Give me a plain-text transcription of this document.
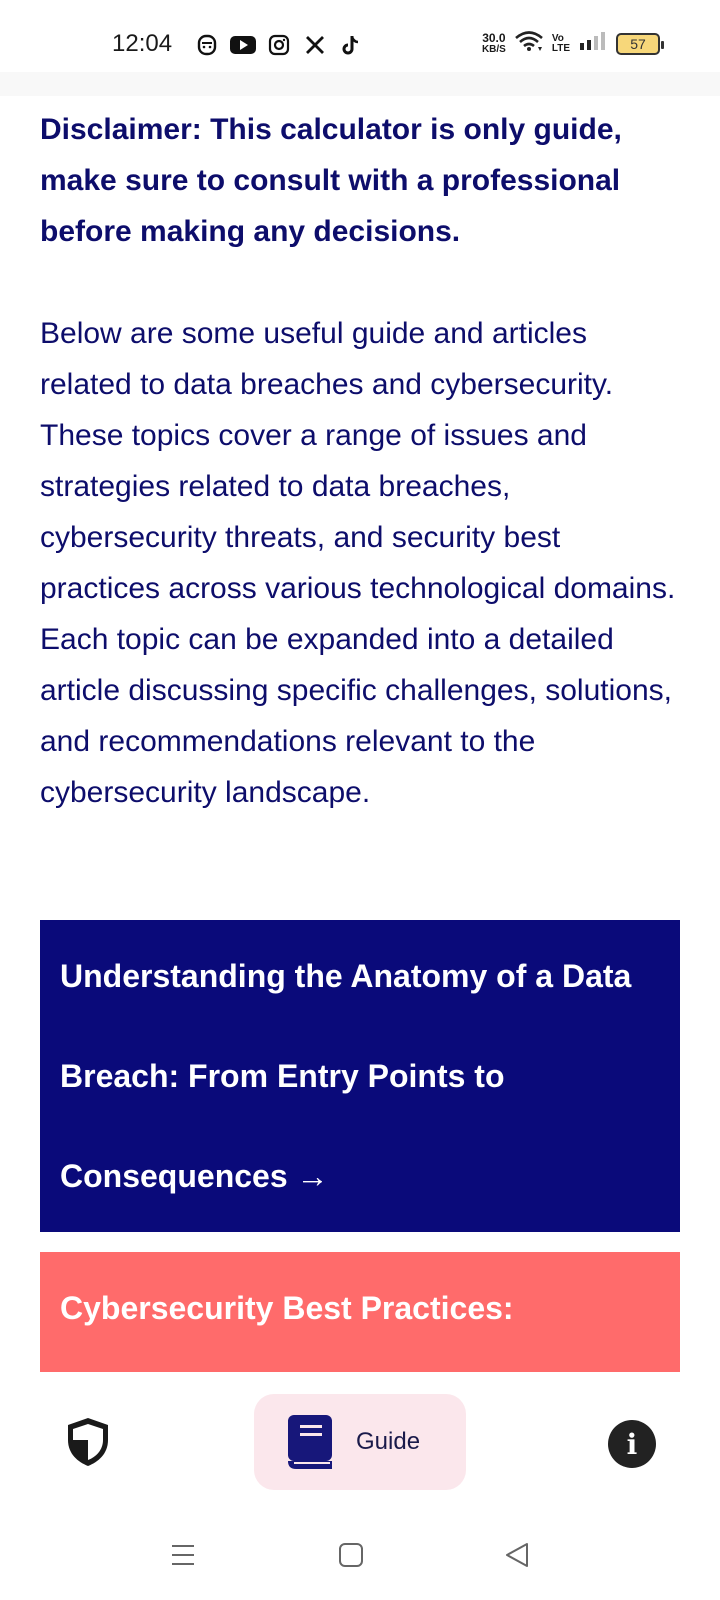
12:04	30.0
KB/S
Vo
LTE	57

Disclaimer: This calculator is only guide, make sure to consult with a professional before making any decisions.

Below are some useful guide and articles related to data breaches and cybersecurity. These topics cover a range of issues and strategies related to data breaches, cybersecurity threats, and security best practices across various technological domains. Each topic can be expanded into a detailed article discussing specific challenges, solutions, and recommendations relevant to the cybersecurity landscape.

Understanding the Anatomy of a Data Breach: From Entry Points to Consequences →
Cybersecurity Best Practices:
Guide	i
